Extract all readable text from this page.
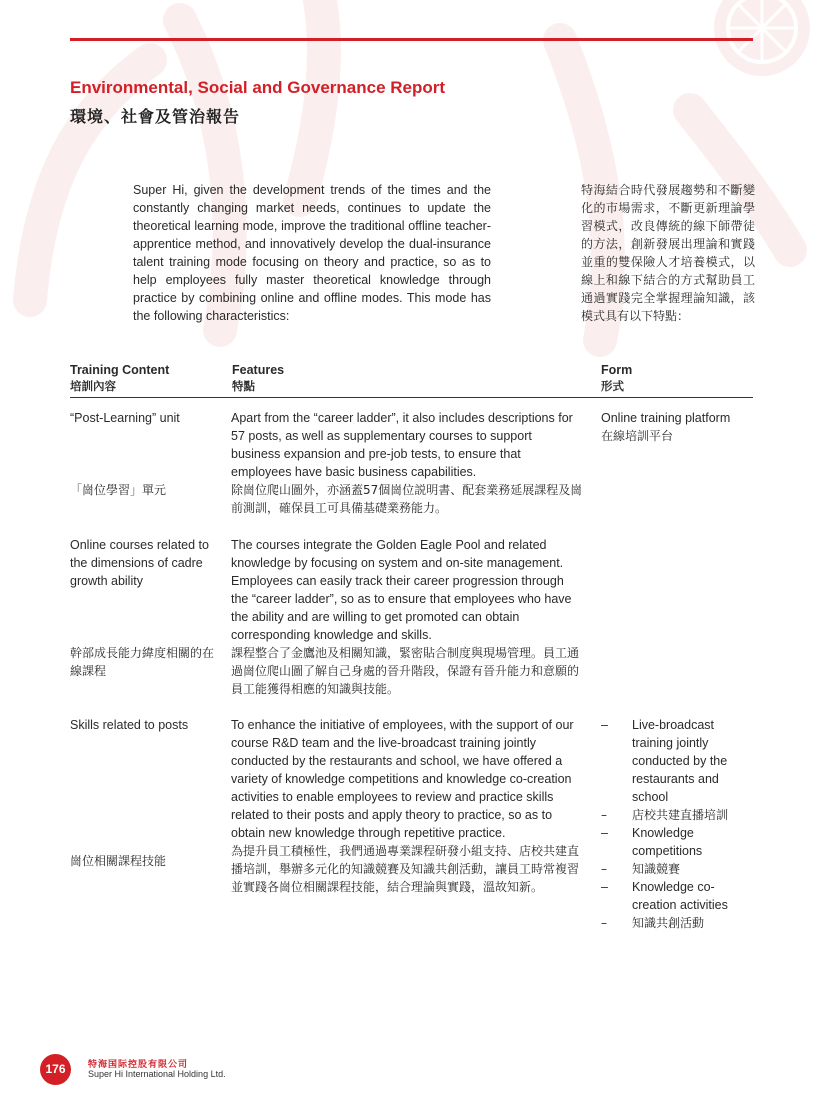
Environmental, Social and Governance Report
環境、社會及管治報告

Super Hi, given the development trends of the times and the constantly changing market needs, continues to update the theoretical learning mode, improve the traditional offline teacher-apprentice method, and innovatively develop the dual-insurance talent training mode focusing on theory and practice, so as to help employees fully master theoretical knowledge through practice by combining online and offline modes. This mode has the following characteristics:

特海結合時代發展趨勢和不斷變化的市場需求，不斷更新理論學習模式，改良傳統的線下師帶徒的方法，創新發展出理論和實踐並重的雙保險人才培養模式，以線上和線下結合的方式幫助員工通過實踐完全掌握理論知識，該模式具有以下特點：

Training Content
培訓內容
Features
特點
Form
形式
“Post-Learning” unit
「崗位學習」單元
Apart from the “career ladder”, it also includes descriptions for 57 posts, as well as supplementary courses to support business expansion and pre-job tests, to ensure that employees have basic business capabilities.
除崗位爬山圖外，亦涵蓋57個崗位説明書、配套業務延展課程及崗前測訓，確保員工可具備基礎業務能力。
Online training platform
在線培訓平台
Online courses related to the dimensions of cadre growth ability
幹部成長能力緯度相關的在線課程
The courses integrate the Golden Eagle Pool and related knowledge by focusing on system and on-site management. Employees can easily track their career progression through the “career ladder”, so as to ensure that employees who have the ability and are willing to get promoted can obtain corresponding knowledge and skills.
課程整合了金鷹池及相關知識，緊密貼合制度與現場管理。員工通過崗位爬山圖了解自己身處的晉升階段，保證有晉升能力和意願的員工能獲得相應的知識與技能。
Skills related to posts
崗位相關課程技能
To enhance the initiative of employees, with the support of our course R&D team and the live-broadcast training jointly conducted by the restaurants and school, we have offered a variety of knowledge competitions and knowledge co-creation activities to enable employees to review and practice skills related to their posts and apply theory to practice, so as to obtain new knowledge through repetitive practice.
為提升員工積極性，我們通過專業課程研發小組支持、店校共建直播培訓，舉辦多元化的知識競賽及知識共創活動，讓員工時常複習並實踐各崗位相關課程技能，結合理論與實踐，溫故知新。
– Live-broadcast training jointly conducted by the restaurants and school
– 店校共建直播培訓
– Knowledge competitions
– 知識競賽
– Knowledge co-creation activities
– 知識共創活動
176	特海国际控股有限公司
Super Hi International Holding Ltd.
